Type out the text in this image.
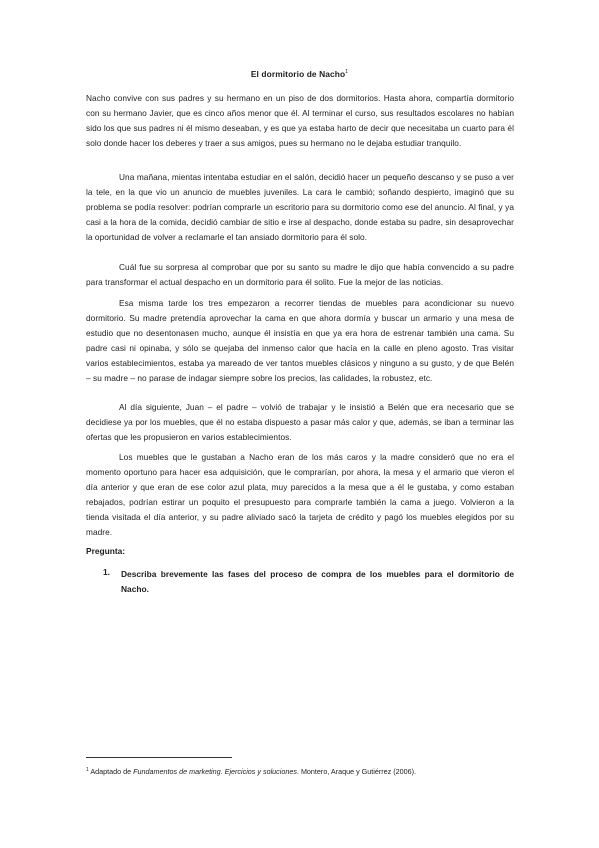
El dormitorio de Nacho$^1$

Nacho convive con sus padres y su hermano en un piso de dos dormitorios. Hasta ahora, compartía dormitorio con su hermano Javier, que es cinco años menor que él. Al terminar el curso, sus resultados escolares no habían sido los que sus padres ni él mismo deseaban, y es que ya estaba harto de decir que necesitaba un cuarto para él solo donde hacer los deberes y traer a sus amigos, pues su hermano no le dejaba estudiar tranquilo.

Una mañana, mientas intentaba estudiar en el salón, decidió hacer un pequeño descanso y se puso a ver la tele, en la que vio un anuncio de muebles juveniles. La cara le cambió; soñando despierto, imaginó que su problema se podía resolver: podrían comprarle un escritorio para su dormitorio como ese del anuncio. Al final, y ya casi a la hora de la comida, decidió cambiar de sitio e irse al despacho, donde estaba su padre, sin desaprovechar la oportunidad de volver a reclamarle el tan ansiado dormitorio para él solo.

Cuál fue su sorpresa al comprobar que por su santo su madre le dijo que había convencido a su padre para transformar el actual despacho en un dormitorio para él solito. Fue la mejor de las noticias.

Esa misma tarde los tres empezaron a recorrer tiendas de muebles para acondicionar su nuevo dormitorio. Su madre pretendía aprovechar la cama en que ahora dormía y buscar un armario y una mesa de estudio que no desentonasen mucho, aunque él insistía en que ya era hora de estrenar también una cama. Su padre casi ni opinaba, y sólo se quejaba del inmenso calor que hacía en la calle en pleno agosto. Tras visitar varios establecimientos, estaba ya mareado de ver tantos muebles clásicos y ninguno a su gusto, y de que Belén – su madre – no parase de indagar siempre sobre los precios, las calidades, la robustez, etc.

Al día siguiente, Juan – el padre – volvió de trabajar y le insistió a Belén que era necesario que se decidiese ya por los muebles, que él no estaba dispuesto a pasar más calor y que, además, se iban a terminar las ofertas que les propusieron en varios establecimientos.

Los muebles que le gustaban a Nacho eran de los más caros y la madre consideró que no era el momento oportuno para hacer esa adquisición, que le comprarían, por ahora, la mesa y el armario que vieron el día anterior y que eran de ese color azul plata, muy parecidos a la mesa que a él le gustaba, y como estaban rebajados, podrían estirar un poquito el presupuesto para comprarle también la cama a juego. Volvieron a la tienda visitada el día anterior, y su padre aliviado sacó la tarjeta de crédito y pagó los muebles elegidos por su madre.

Pregunta:
1. Describa brevemente las fases del proceso de compra de los muebles para el dormitorio de Nacho.
$^1$ Adaptado de Fundamentos de marketing. Ejercicios y soluciones. Montero, Araque y Gutiérrez (2006).
